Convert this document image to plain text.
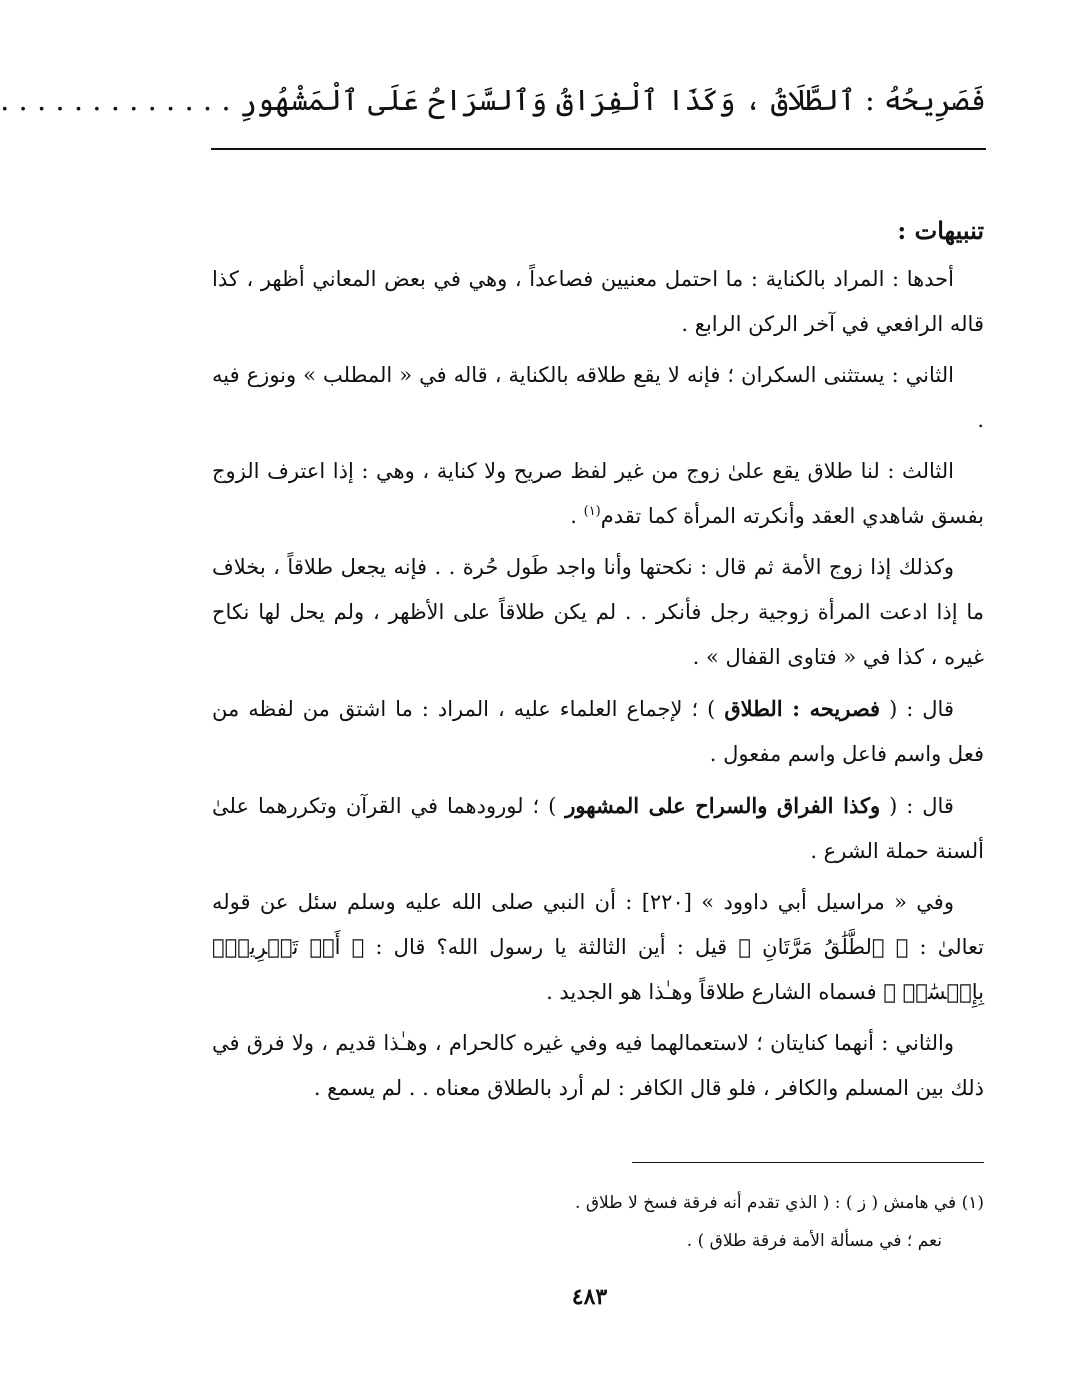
فَصَرِيحُهُ : ٱلطَّلَاقُ ، وَكَذَا ٱلْفِرَاقُ وَٱلسَّرَاحُ عَلَى ٱلْمَشْهُورِ . . . . . . . . . . . . .

تنبيهات :

أحدها : المراد بالكناية : ما احتمل معنيين فصاعداً ، وهي في بعض المعاني أظهر ، كذا قاله الرافعي في آخر الركن الرابع .

الثاني : يستثنى السكران ؛ فإنه لا يقع طلاقه بالكناية ، قاله في « المطلب » ونوزع فيه .

الثالث : لنا طلاق يقع علىٰ زوج من غير لفظ صريح ولا كناية ، وهي : إذا اعترف الزوج بفسق شاهدي العقد وأنكرته المرأة كما تقدم$^{(١)}$ .

وكذلك إذا زوج الأمة ثم قال : نكحتها وأنا واجد طَول حُرة . . فإنه يجعل طلاقاً ، بخلاف ما إذا ادعت المرأة زوجية رجل فأنكر . . لم يكن طلاقاً على الأظهر ، ولم يحل لها نكاح غيره ، كذا في « فتاوى القفال » .

قال : ( فصريحه : الطلاق ) ؛ لإجماع العلماء عليه ، المراد : ما اشتق من لفظه من فعل واسم فاعل واسم مفعول .

قال : ( وكذا الفراق والسراح على المشهور ) ؛ لورودهما في القرآن وتكررهما علىٰ ألسنة حملة الشرع .

وفي « مراسيل أبي داوود » [٢٢٠] : أن النبي صلى الله عليه وسلم سئل عن قوله تعالىٰ : ﴿ ٱلطَّلَٰقُ مَرَّتَانِ ﴾ قيل : أين الثالثة يا رسول الله؟ قال : ﴿ أَوۡ تَسۡرِيحُۢ بِإِحۡسَٰنٖ ﴾ فسماه الشارع طلاقاً وهـٰذا هو الجديد .

والثاني : أنهما كنايتان ؛ لاستعمالهما فيه وفي غيره كالحرام ، وهـٰذا قديم ، ولا فرق في ذلك بين المسلم والكافر ، فلو قال الكافر : لم أرد بالطلاق معناه . . لم يسمع .

(١) في هامش ( ز ) : ( الذي تقدم أنه فرقة فسخ لا طلاق .

نعم ؛ في مسألة الأمة فرقة طلاق ) .

٤٨٣
